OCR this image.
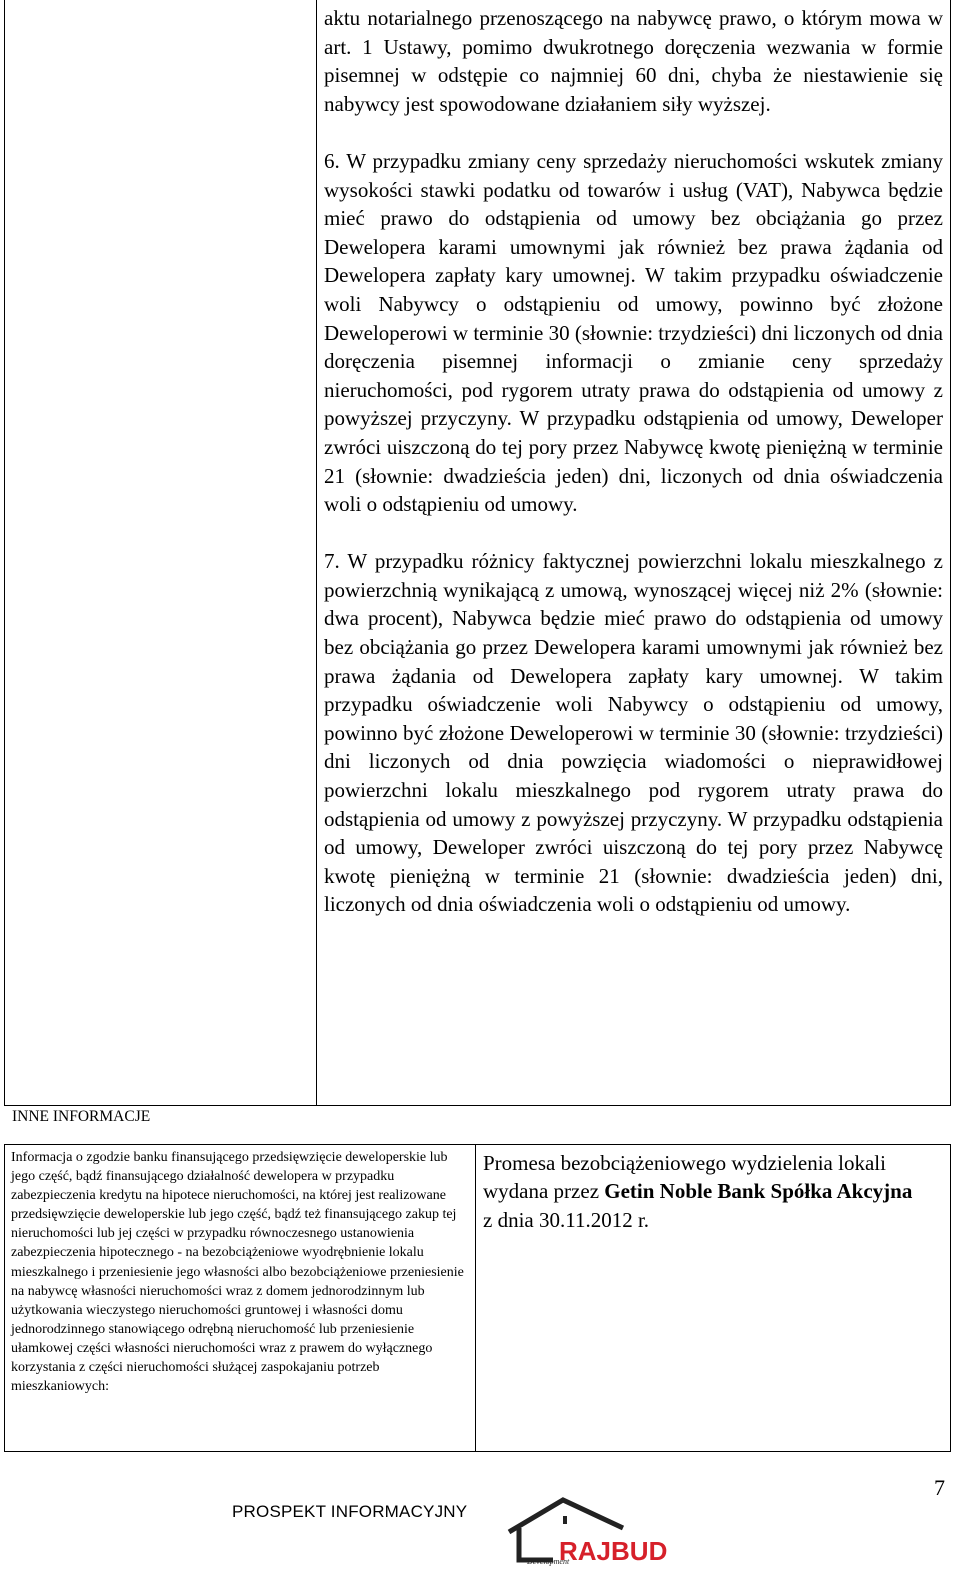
aktu notarialnego przenoszącego na nabywcę prawo, o którym mowa w art. 1 Ustawy, pomimo dwukrotnego doręczenia wezwania w formie pisemnej w odstępie co najmniej 60 dni, chyba że niestawienie się nabywcy jest spowodowane działaniem siły wyższej.

6. W przypadku zmiany ceny sprzedaży nieruchomości wskutek zmiany wysokości stawki podatku od towarów i usług (VAT), Nabywca będzie mieć prawo do odstąpienia od umowy bez obciążania go przez Dewelopera karami umownymi jak również bez prawa żądania od Dewelopera zapłaty kary umownej. W takim przypadku oświadczenie woli Nabywcy o odstąpieniu od umowy, powinno być złożone Deweloperowi w terminie 30 (słownie: trzydzieści) dni liczonych od dnia doręczenia pisemnej informacji o zmianie ceny sprzedaży nieruchomości, pod rygorem utraty prawa do odstąpienia od umowy z powyższej przyczyny. W przypadku odstąpienia od umowy, Deweloper zwróci uiszczoną do tej pory przez Nabywcę kwotę pieniężną w terminie 21 (słownie: dwadzieścia jeden) dni, liczonych od dnia oświadczenia woli o odstąpieniu od umowy.

7. W przypadku różnicy faktycznej powierzchni lokalu mieszkalnego z powierzchnią wynikającą z umową, wynoszącej więcej niż 2% (słownie: dwa procent), Nabywca będzie mieć prawo do odstąpienia od umowy bez obciążania go przez Dewelopera karami umownymi jak również bez prawa żądania od Dewelopera zapłaty kary umownej. W takim przypadku oświadczenie woli Nabywcy o odstąpieniu od umowy, powinno być złożone Deweloperowi w terminie 30 (słownie: trzydzieści) dni liczonych od dnia powzięcia wiadomości o nieprawidłowej powierzchni lokalu mieszkalnego pod rygorem utraty prawa do odstąpienia od umowy z powyższej przyczyny. W przypadku odstąpienia od umowy, Deweloper zwróci uiszczoną do tej pory przez Nabywcę kwotę pieniężną w terminie 21 (słownie: dwadzieścia jeden) dni, liczonych od dnia oświadczenia woli o odstąpieniu od umowy.

INNE INFORMACJE
Informacja o zgodzie banku finansującego przedsięwzięcie deweloperskie lub jego część, bądź finansującego działalność dewelopera w przypadku zabezpieczenia kredytu na hipotece nieruchomości, na której jest realizowane przedsięwzięcie deweloperskie lub jego część, bądź też finansującego zakup tej nieruchomości lub jej części w przypadku równoczesnego ustanowienia zabezpieczenia hipotecznego - na bezobciążeniowe wyodrębnienie lokalu mieszkalnego i przeniesienie jego własności albo bezobciążeniowe przeniesienie na nabywcę własności nieruchomości wraz z domem jednorodzinnym lub użytkowania wieczystego nieruchomości gruntowej i własności domu jednorodzinnego stanowiącego odrębną nieruchomość lub przeniesienie ułamkowej części własności nieruchomości wraz z prawem do wyłącznego korzystania z części nieruchomości służącej zaspokajaniu potrzeb mieszkaniowych:
Promesa bezobciążeniowego wydzielenia lokali wydana przez Getin Noble Bank Spółka Akcyjna z dnia 30.11.2012 r.
7
PROSPEKT INFORMACYJNY
Development
RAJBUD
